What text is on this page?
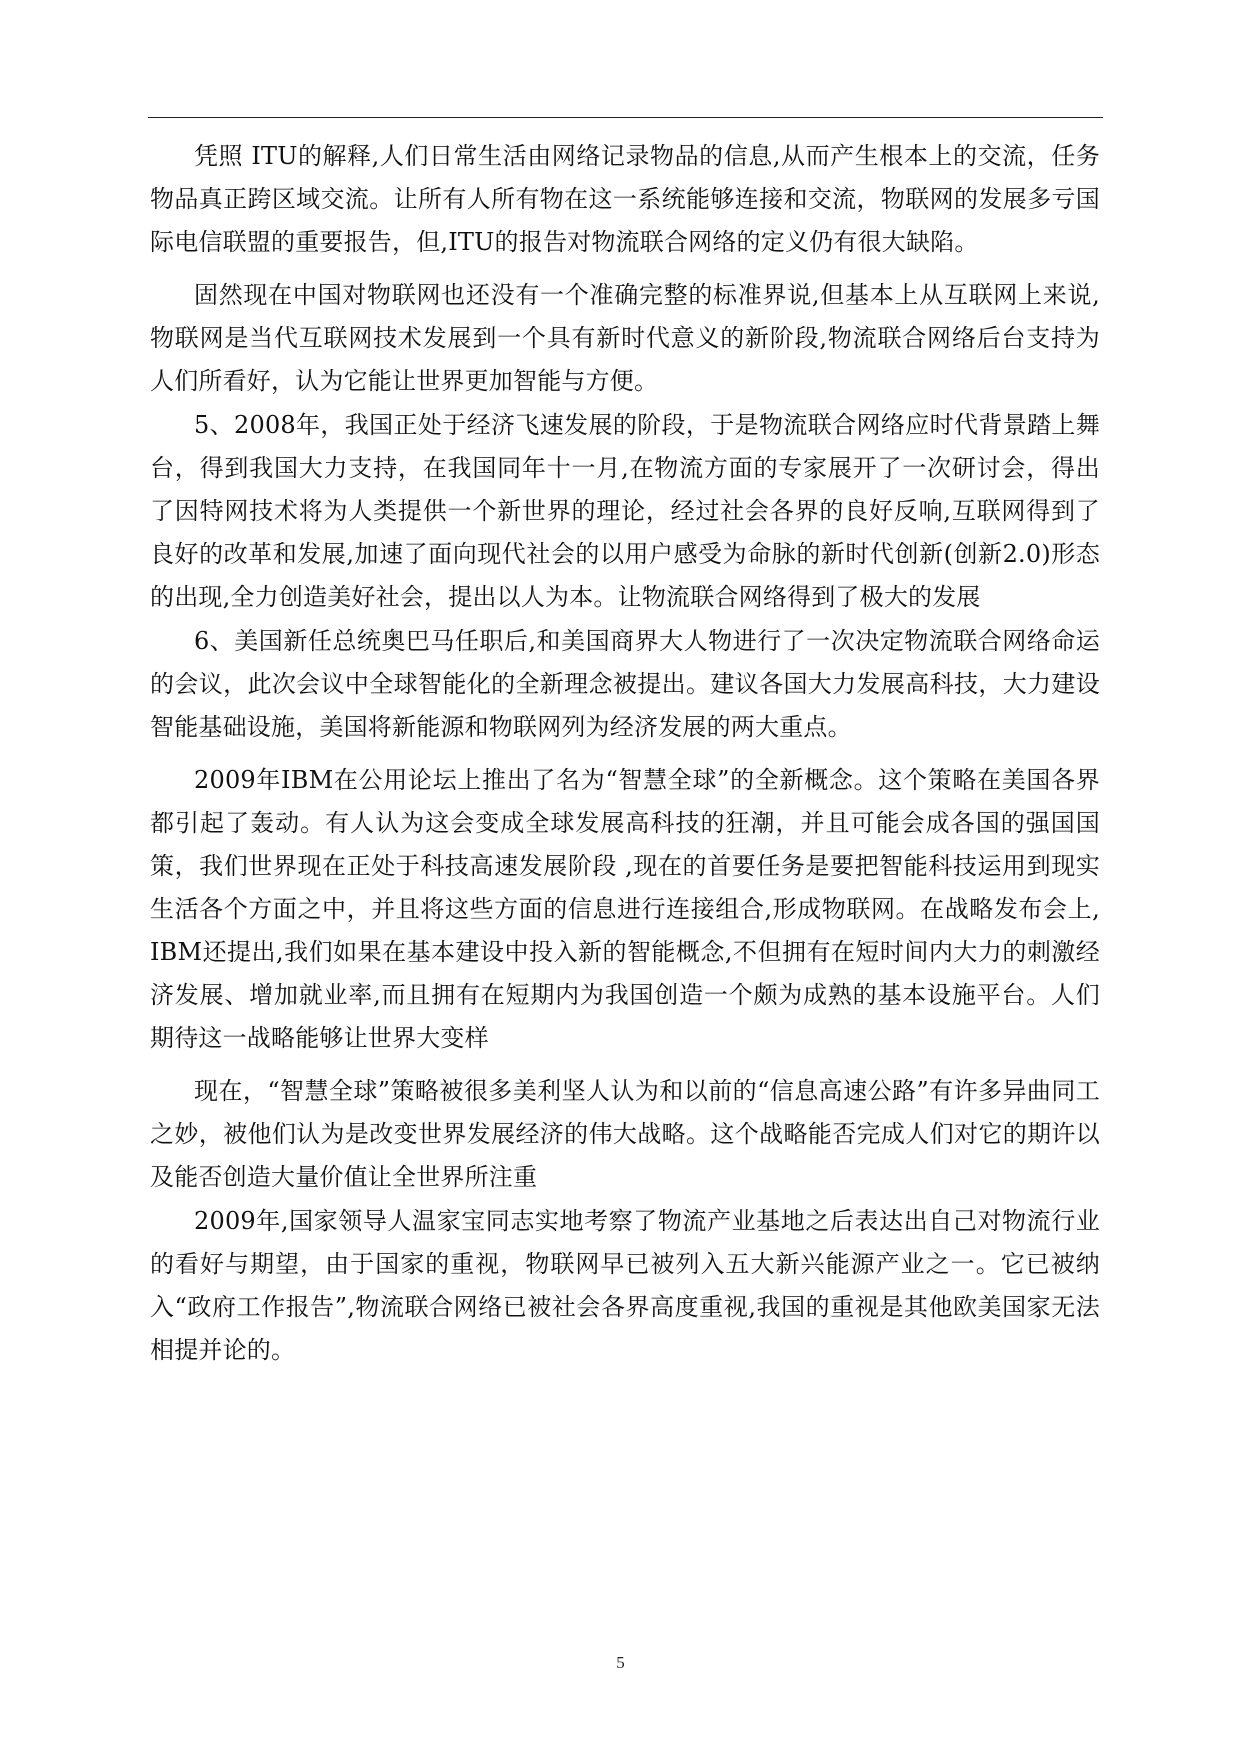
凭照 ITU的解释,人们日常生活由网络记录物品的信息,从而产生根本上的交流，任务物品真正跨区域交流。让所有人所有物在这一系统能够连接和交流，物联网的发展多亏国际电信联盟的重要报告，但,ITU的报告对物流联合网络的定义仍有很大缺陷。

固然现在中国对物联网也还没有一个准确完整的标准界说,但基本上从互联网上来说,物联网是当代互联网技术发展到一个具有新时代意义的新阶段,物流联合网络后台支持为人们所看好，认为它能让世界更加智能与方便。

5、2008年，我国正处于经济飞速发展的阶段，于是物流联合网络应时代背景踏上舞台，得到我国大力支持，在我国同年十一月,在物流方面的专家展开了一次研讨会，得出了因特网技术将为人类提供一个新世界的理论，经过社会各界的良好反响,互联网得到了良好的改革和发展,加速了面向现代社会的以用户感受为命脉的新时代创新(创新2.0)形态的出现,全力创造美好社会，提出以人为本。让物流联合网络得到了极大的发展

6、美国新任总统奥巴马任职后,和美国商界大人物进行了一次决定物流联合网络命运的会议，此次会议中全球智能化的全新理念被提出。建议各国大力发展高科技，大力建设智能基础设施，美国将新能源和物联网列为经济发展的两大重点。

2009年IBM在公用论坛上推出了名为“智慧全球”的全新概念。这个策略在美国各界都引起了轰动。有人认为这会变成全球发展高科技的狂潮，并且可能会成各国的强国国策，我们世界现在正处于科技高速发展阶段 ,现在的首要任务是要把智能科技运用到现实生活各个方面之中，并且将这些方面的信息进行连接组合,形成物联网。在战略发布会上, IBM还提出,我们如果在基本建设中投入新的智能概念,不但拥有在短时间内大力的刺激经济发展、增加就业率,而且拥有在短期内为我国创造一个颇为成熟的基本设施平台。人们期待这一战略能够让世界大变样

现在，“智慧全球”策略被很多美利坚人认为和以前的“信息高速公路”有许多异曲同工之妙，被他们认为是改变世界发展经济的伟大战略。这个战略能否完成人们对它的期许以及能否创造大量价值让全世界所注重

2009年,国家领导人温家宝同志实地考察了物流产业基地之后表达出自己对物流行业的看好与期望，由于国家的重视，物联网早已被列入五大新兴能源产业之一。它已被纳入“政府工作报告”,物流联合网络已被社会各界高度重视,我国的重视是其他欧美国家无法相提并论的。

5
